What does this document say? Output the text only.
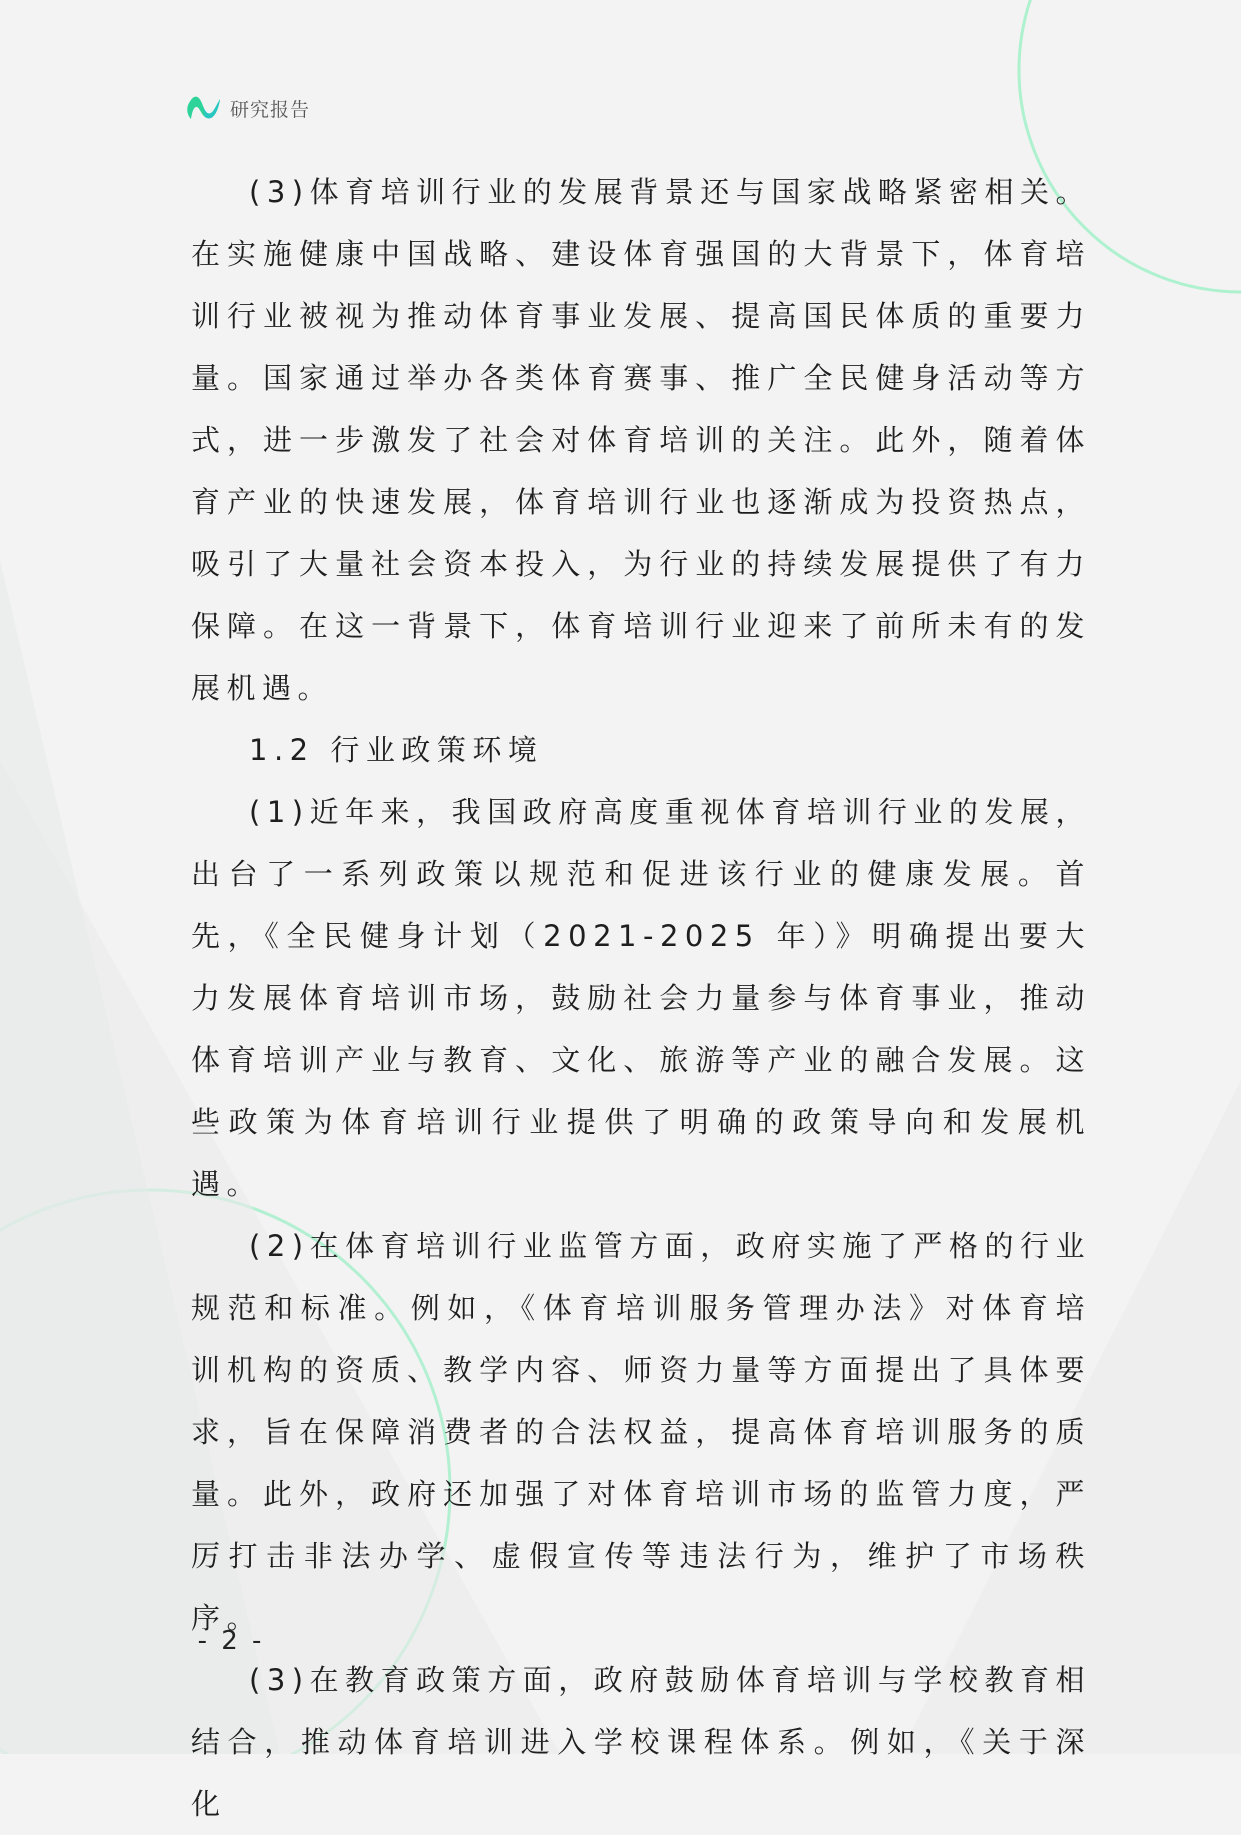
研究报告

(3)体育培训行业的发展背景还与国家战略紧密相关。在实施健康中国战略、建设体育强国的大背景下，体育培训行业被视为推动体育事业发展、提高国民体质的重要力量。国家通过举办各类体育赛事、推广全民健身活动等方式，进一步激发了社会对体育培训的关注。此外，随着体育产业的快速发展，体育培训行业也逐渐成为投资热点，吸引了大量社会资本投入，为行业的持续发展提供了有力保障。在这一背景下，体育培训行业迎来了前所未有的发展机遇。

1.2 行业政策环境

(1)近年来，我国政府高度重视体育培训行业的发展，出台了一系列政策以规范和促进该行业的健康发展。首先，《全民健身计划（2021-2025 年）》明确提出要大力发展体育培训市场，鼓励社会力量参与体育事业，推动体育培训产业与教育、文化、旅游等产业的融合发展。这些政策为体育培训行业提供了明确的政策导向和发展机遇。

(2)在体育培训行业监管方面，政府实施了严格的行业规范和标准。例如，《体育培训服务管理办法》对体育培训机构的资质、教学内容、师资力量等方面提出了具体要求，旨在保障消费者的合法权益，提高体育培训服务的质量。此外，政府还加强了对体育培训市场的监管力度，严厉打击非法办学、虚假宣传等违法行为，维护了市场秩序。

(3)在教育政策方面，政府鼓励体育培训与学校教育相结合，推动体育培训进入学校课程体系。例如，《关于深化

- 2 -
